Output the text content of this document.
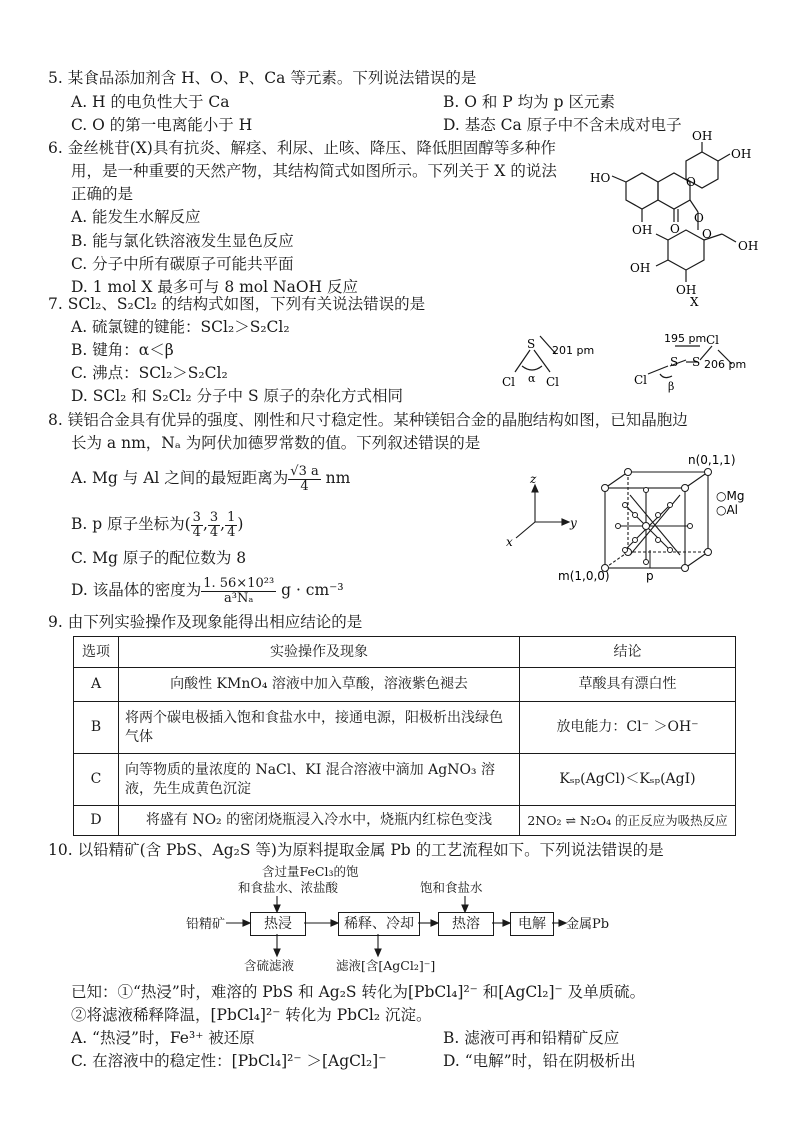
5. 某食品添加剂含 H、O、P、Ca 等元素。下列说法错误的是
A. H 的电负性大于 Ca	B. O 和 P 均为 p 区元素
C. O 的第一电离能小于 H	D. 基态 Ca 原子中不含未成对电子
6. 金丝桃苷(X)具有抗炎、解痉、利尿、止咳、降压、降低胆固醇等多种作
用，是一种重要的天然产物，其结构简式如图所示。下列关于 X 的说法
正确的是
A. 能发生水解反应
B. 能与氯化铁溶液发生显色反应
C. 分子中所有碳原子可能共平面
D. 1 mol X 最多可与 8 mol NaOH 反应
OH
OH
HO	O
O
OH
O
O
OH
OH
OH
X
7. SCl₂、S₂Cl₂ 的结构式如图，下列有关说法错误的是
A. 硫氯键的键能：SCl₂＞S₂Cl₂
B. 键角：α＜β
C. 沸点：SCl₂＞S₂Cl₂
D. SCl₂ 和 S₂Cl₂ 分子中 S 原子的杂化方式相同
S
Cl	Cl
α
201 pm
195 pm
Cl
S S
Cl
206 pm
β
8. 镁铝合金具有优异的强度、刚性和尺寸稳定性。某种镁铝合金的晶胞结构如图，已知晶胞边
长为 a nm，Nₐ 为阿伏加德罗常数的值。下列叙述错误的是
A. Mg 与 Al 之间的最短距离为 $\frac{√3 a}{4}$ nm
B. p 原子坐标为( $\frac{3}{4}$ , $\frac{3}{4}$ , $\frac{1}{4}$ )
C. Mg 原子的配位数为 8
D. 该晶体的密度为 $\frac{\text{1. 56×10²³}}{\text{a³Nₐ}}$ g · cm⁻³
z
y
x
n(0,1,1)
○Mg
○Al
m(1,0,0)	p
9. 由下列实验操作及现象能得出相应结论的是
选项	实验操作及现象	结论
A	向酸性 KMnO₄ 溶液中加入草酸，溶液紫色褪去	草酸具有漂白性
B	将两个碳电极插入饱和食盐水中，接通电源，阳极析出浅绿色气体	放电能力：Cl⁻ ＞OH⁻
C	向等物质的量浓度的 NaCl、KI 混合溶液中滴加 AgNO₃ 溶液，先生成黄色沉淀	Kₛₚ(AgCl)＜Kₛₚ(AgI)
D	将盛有 NO₂ 的密闭烧瓶浸入冷水中，烧瓶内红棕色变浅	2NO₂ ⇌ N₂O₄ 的正反应为吸热反应
10. 以铅精矿(含 PbS、Ag₂S 等)为原料提取金属 Pb 的工艺流程如下。下列说法错误的是
含过量FeCl₃的饱
和食盐水、浓盐酸	饱和食盐水
铅精矿	热浸	稀释、冷却	热溶	电解	金属Pb
含硫滤液	滤液[含[AgCl₂]⁻]
已知：①“热浸”时，难溶的 PbS 和 Ag₂S 转化为[PbCl₄]²⁻ 和[AgCl₂]⁻ 及单质硫。
②将滤液稀释降温，[PbCl₄]²⁻ 转化为 PbCl₂ 沉淀。
A. “热浸”时，Fe³⁺ 被还原	B. 滤液可再和铅精矿反应
C. 在溶液中的稳定性：[PbCl₄]²⁻ ＞[AgCl₂]⁻	D. “电解”时，铅在阴极析出
